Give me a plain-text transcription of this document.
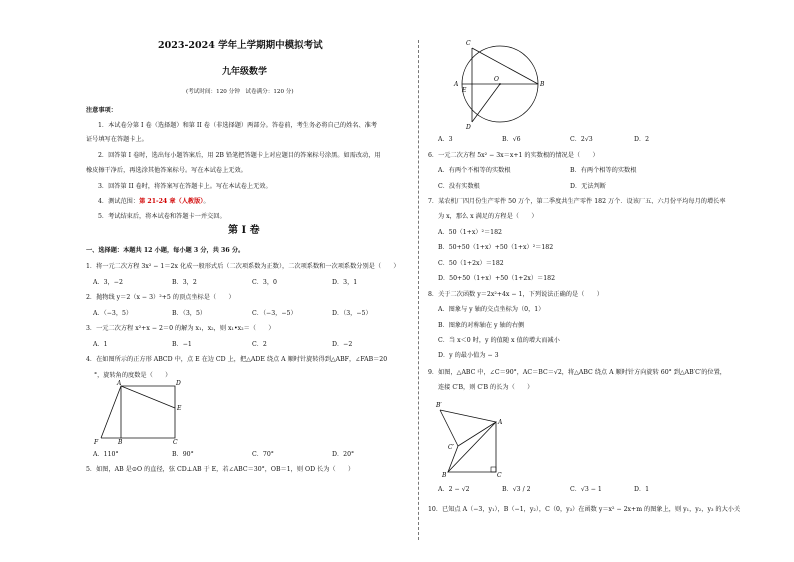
2023-2024 学年上学期期中模拟考试
九年级数学
(考试时间：120 分钟　试卷满分：120 分)
注意事项：
1．本试卷分第 I 卷（选择题）和第 II 卷（非选择题）两部分。答卷前，考生务必将自己的姓名、准考
证号填写在答题卡上。
2．回答第 I 卷时，选出每小题答案后，用 2B 铅笔把答题卡上对应题目的答案标号涂黑。如需改动，用
橡皮擦干净后，再选涂其他答案标号。写在本试卷上无效。
3．回答第 II 卷时，将答案写在答题卡上。写在本试卷上无效。
4．测试范围：第 21-24 章（人教版）。
5．考试结束后，将本试卷和答题卡一并交回。
第 I 卷
一、选择题：本题共 12 小题，每小题 3 分，共 36 分。
1．将一元二次方程 3x² − 1＝2x 化成一般形式后（二次项系数为正数），二次项系数和一次项系数分别是（　　）
A．3，−2	B．3，2	C．3，0	D．3，1
2．抛物线 y＝2（x − 3）²+5 的顶点坐标是（　　）
A．（−3，5）	B．（3，5）	C．（−3，−5）	D．（3，−5）
3．一元二次方程 x²+x − 2＝0 的解为 x₁，x₂，则 x₁•x₂＝（　　）
A．1	B．−1	C．2	D．−2
4．在如图所示的正方形 ABCD 中，点 E 在边 CD 上，把△ADE 绕点 A 顺时针旋转得到△ABF，∠FAB＝20
°，旋转角的度数是（　　）
A	D
E
F	B	C
A．110°	B．90°	C．70°	D．20°
5．如图，AB 是⊙O 的直径，弦 CD⊥AB 于 E，若∠ABC＝30°，OB＝1，则 OD 长为（　　）
C
A
E
O
B
D
A．3	B．√6	C．2√3	D．2
6．一元二次方程 5x² − 3x＝x+1 的实数根的情况是（　　）
A．有两个不相等的实数根	B．有两个相等的实数根
C．没有实数根	D．无法判断
7．某农机厂四月份生产零件 50 万个，第二季度共生产零件 182 万个．设该厂五、六月份平均每月的增长率
为 x，那么 x 满足的方程是（　　）
A．50（1+x）²＝182
B．50+50（1+x）+50（1+x）²＝182
C．50（1+2x）＝182
D．50+50（1+x）+50（1+2x）＝182
8．关于二次函数 y＝2x²+4x − 1，下列说法正确的是（　　）
A．图象与 y 轴的交点坐标为（0，1）
B．图象的对称轴在 y 轴的右侧
C．当 x＜0 时，y 的值随 x 值的增大而减小
D．y 的最小值为 − 3
9．如图，△ABC 中，∠C＝90°，AC＝BC＝√2，将△ABC 绕点 A 顺时针方向旋转 60° 到△AB′C′的位置，
连接 C′B，则 C′B 的长为（　　）
B′
A
C′
B	C
A．2 − √2	B．√3 / 2	C．√3 − 1	D．1
10．已知点 A（−3，y₁），B（−1，y₂），C（0，y₃）在函数 y＝x² − 2x+m 的图象上，则 y₁，y₂，y₃ 的大小关
